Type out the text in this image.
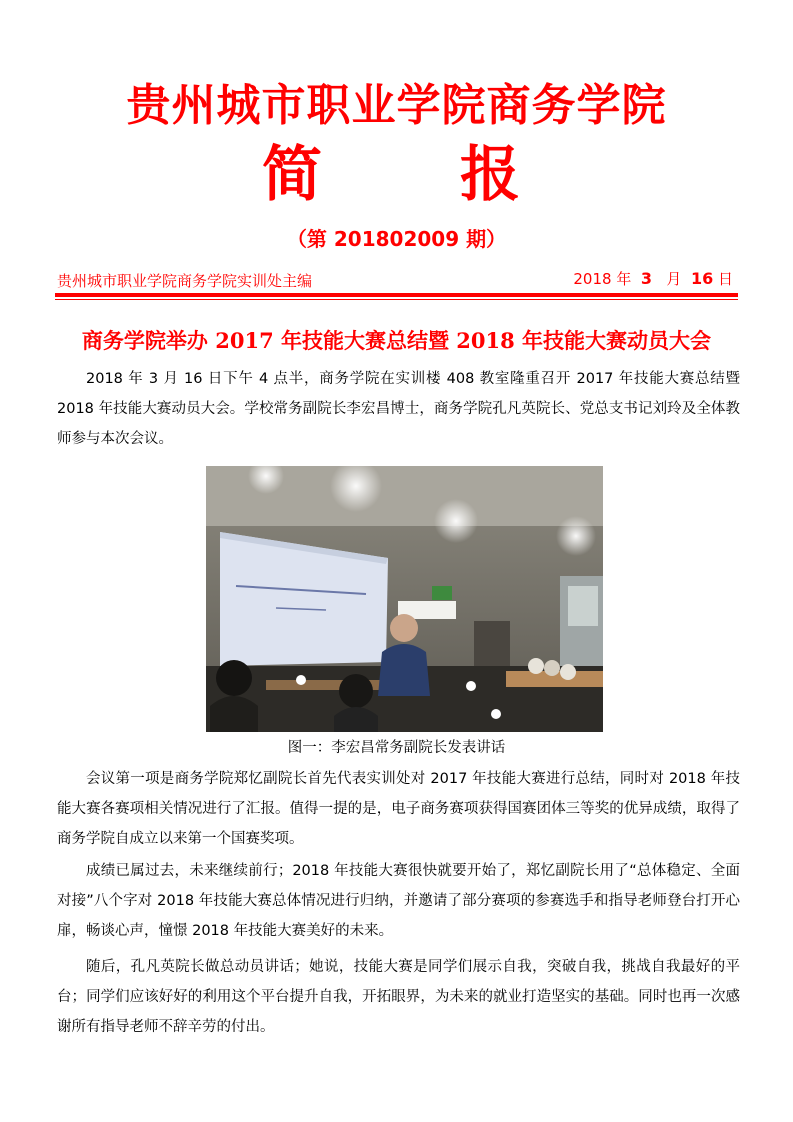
贵州城市职业学院商务学院
简 报
（第 201802009 期）
贵州城市职业学院商务学院实训处主编	2018 年 3 月 16 日
商务学院举办 2017 年技能大赛总结暨 2018 年技能大赛动员大会

2018 年 3 月 16 日下午 4 点半，商务学院在实训楼 408 教室隆重召开 2017 年技能大赛总结暨 2018 年技能大赛动员大会。学校常务副院长李宏昌博士，商务学院孔凡英院长、党总支书记刘玲及全体教师参与本次会议。

图一：李宏昌常务副院长发表讲话

会议第一项是商务学院郑忆副院长首先代表实训处对 2017 年技能大赛进行总结，同时对 2018 年技能大赛各赛项相关情况进行了汇报。值得一提的是，电子商务赛项获得国赛团体三等奖的优异成绩，取得了商务学院自成立以来第一个国赛奖项。

成绩已属过去，未来继续前行；2018 年技能大赛很快就要开始了，郑忆副院长用了“总体稳定、全面对接”八个字对 2018 年技能大赛总体情况进行归纳，并邀请了部分赛项的参赛选手和指导老师登台打开心扉，畅谈心声，憧憬 2018 年技能大赛美好的未来。

随后，孔凡英院长做总动员讲话；她说，技能大赛是同学们展示自我，突破自我，挑战自我最好的平台；同学们应该好好的利用这个平台提升自我，开拓眼界，为未来的就业打造坚实的基础。同时也再一次感谢所有指导老师不辞辛劳的付出。
